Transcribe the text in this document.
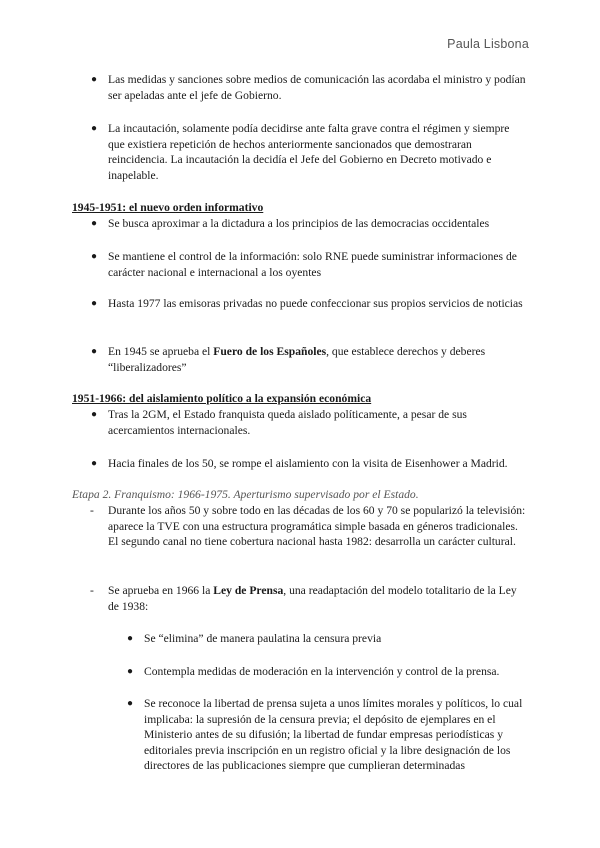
Paula Lisbona
● Las medidas y sanciones sobre medios de comunicación las acordaba el ministro y podían ser apeladas ante el jefe de Gobierno.
● La incautación, solamente podía decidirse ante falta grave contra el régimen y siempre que existiera repetición de hechos anteriormente sancionados que demostraran reincidencia. La incautación la decidía el Jefe del Gobierno en Decreto motivado e inapelable.
1945-1951: el nuevo orden informativo
● Se busca aproximar a la dictadura a los principios de las democracias occidentales
● Se mantiene el control de la información: solo RNE puede suministrar informaciones de carácter nacional e internacional a los oyentes
● Hasta 1977 las emisoras privadas no puede confeccionar sus propios servicios de noticias
● En 1945 se aprueba el Fuero de los Españoles, que establece derechos y deberes “liberalizadores”
1951-1966: del aislamiento político a la expansión económica
● Tras la 2GM, el Estado franquista queda aislado políticamente, a pesar de sus acercamientos internacionales.
● Hacia finales de los 50, se rompe el aislamiento con la visita de Eisenhower a Madrid.
Etapa 2. Franquismo: 1966-1975. Aperturismo supervisado por el Estado.
- Durante los años 50 y sobre todo en las décadas de los 60 y 70 se popularizó la televisión: aparece la TVE con una estructura programática simple basada en géneros tradicionales. El segundo canal no tiene cobertura nacional hasta 1982: desarrolla un carácter cultural.
- Se aprueba en 1966 la Ley de Prensa, una readaptación del modelo totalitario de la Ley de 1938:
● Se “elimina” de manera paulatina la censura previa
● Contempla medidas de moderación en la intervención y control de la prensa.
● Se reconoce la libertad de prensa sujeta a unos límites morales y políticos, lo cual implicaba: la supresión de la censura previa; el depósito de ejemplares en el Ministerio antes de su difusión; la libertad de fundar empresas periodísticas y editoriales previa inscripción en un registro oficial y la libre designación de los directores de las publicaciones siempre que cumplieran determinadas
